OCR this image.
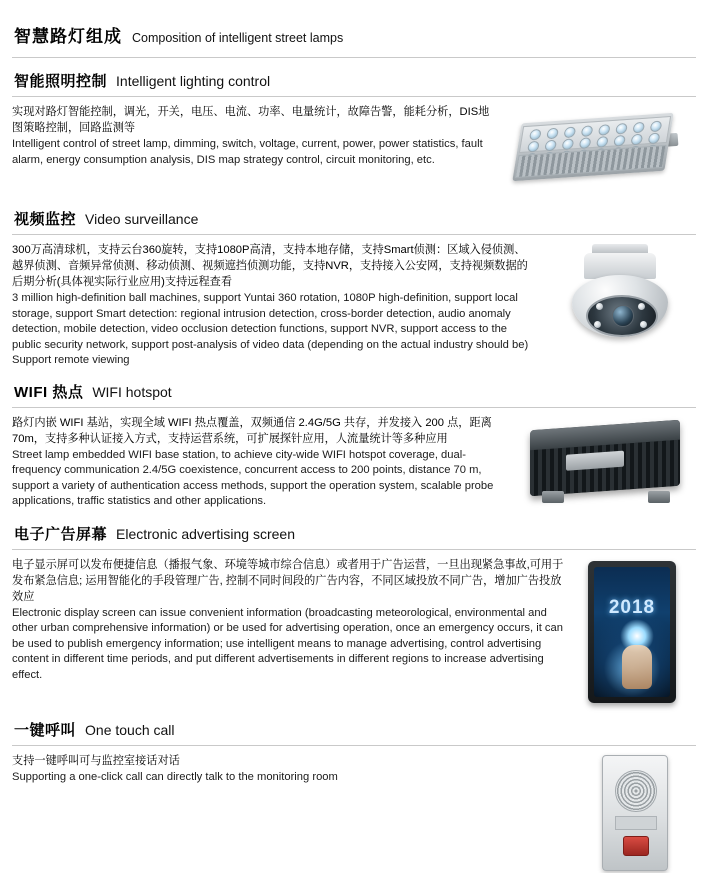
智慧路灯组成 Composition of intelligent street lamps
智能照明控制 Intelligent lighting control

实现对路灯智能控制，调光，开关，电压、电流、功率、电量统计，故障告警，能耗分析，DIS地图策略控制，回路监测等

Intelligent control of street lamp, dimming, switch, voltage, current, power, power statistics, fault alarm, energy consumption analysis, DIS map strategy control, circuit monitoring, etc.

视频监控 Video surveillance

300万高清球机，支持云台360旋转，支持1080P高清，支持本地存储，支持Smart侦测：区域入侵侦测、越界侦测、音频异常侦测、移动侦测、视频遮挡侦测功能，支持NVR，支持接入公安网，支持视频数据的后期分析(具体视实际行业应用)支持远程查看

3 million high-definition ball machines, support Yuntai 360 rotation, 1080P high-definition, support local storage, support Smart detection: regional intrusion detection, cross-border detection, audio anomaly detection, mobile detection, video occlusion detection functions, support NVR, support access to the public security network, support post-analysis of video data (depending on the actual industry should be) Support remote viewing

WIFI 热点 WIFI hotspot

路灯内嵌 WIFI 基站，实现全域 WIFI 热点覆盖，双频通信 2.4G/5G 共存，并发接入 200 点，距离 70m，支持多种认证接入方式，支持运营系统，可扩展探针应用，人流量统计等多种应用

Street lamp embedded WIFI base station, to achieve city-wide WIFI hotspot coverage, dual-frequency communication 2.4/5G coexistence, concurrent access to 200 points, distance 70 m, support a variety of authentication access methods, support the operation system, scalable probe applications, traffic statistics and other applications.

电子广告屏幕 Electronic advertising screen

电子显示屏可以发布便捷信息（播报气象、环境等城市综合信息）或者用于广告运营，一旦出现紧急事故,可用于发布紧急信息; 运用智能化的手段管理广告, 控制不同时间段的广告内容，不同区域投放不同广告，增加广告投放效应

Electronic display screen can issue convenient information (broadcasting meteorological, environmental and other urban comprehensive information) or be used for advertising operation, once an emergency occurs, it can be used to publish emergency information; use intelligent means to manage advertising, control advertising content in different time periods, and put different advertisements in different regions to increase advertising effect.

2018
一键呼叫 One touch call

支持一键呼叫可与监控室接话对话

Supporting a one-click call can directly talk to the monitoring room
